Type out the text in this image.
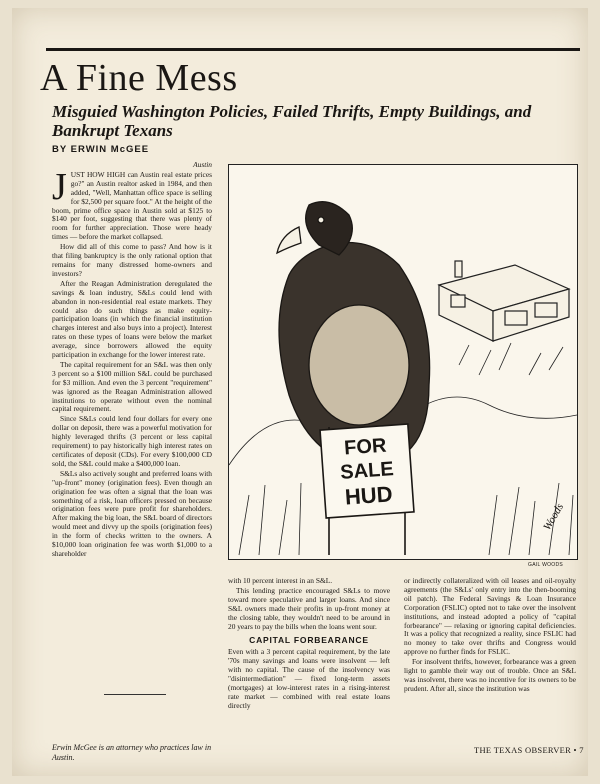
A Fine Mess
Misguied Washington Policies, Failed Thrifts, Empty Buildings, and Bankrupt Texans
BY ERWIN McGEE
Austin
J UST HOW HIGH can Austin real estate prices go?" an Austin realtor asked in 1984, and then added, "Well, Manhattan office space is selling for $2,500 per square foot." At the height of the boom, prime office space in Austin sold at $125 to $140 per foot, suggesting that there was plenty of room for further appreciation. Those were heady times — before the market collapsed.

How did all of this come to pass? And how is it that filing bankruptcy is the only rational option that remains for many distressed home-owners and investors?

After the Reagan Administration deregulated the savings & loan industry, S&Ls could lend with abandon in non-residential real estate markets. They could also do such things as make equity-participation loans (in which the financial institution charges interest and also buys into a project). Interest rates on these types of loans were below the market average, since borrowers allowed the equity participation in exchange for the lower interest rate.

The capital requirement for an S&L was then only 3 percent so a $100 million S&L could be purchased for $3 million. And even the 3 percent "requirement" was ignored as the Reagan Administration allowed institutions to operate without even the nominal capital requirement.

Since S&Ls could lend four dollars for every one dollar on deposit, there was a powerful motivation for highly leveraged thrifts (3 percent or less capital requirement) to pay historically high interest rates on certificates of deposit (CDs). For every $100,000 CD sold, the S&L could make a $400,000 loan.

S&Ls also actively sought and preferred loans with "up-front" money (origination fees). Even though an origination fee was often a signal that the loan was something of a risk, loan officers pressed on because origination fees were pure profit for shareholders. After making the big loan, the S&L board of directors would meet and divvy up the spoils (origination fees) in the form of checks written to the owners. A $10,000 loan origination fee was worth $1,000 to a shareholder

FOR
SALE
HUD
Woods
GAIL WOODS

with 10 percent interest in an S&L.

This lending practice encouraged S&Ls to move toward more speculative and larger loans. And since S&L owners made their profits in up-front money at the closing table, they wouldn't need to be around in 20 years to pay the bills when the loans went sour.

CAPITAL FORBEARANCE

Even with a 3 percent capital requirement, by the late '70s many savings and loans were insolvent — left with no capital. The cause of the insolvency was "disintermediation" — fixed long-term assets (mortgages) at low-interest rates in a rising-interest rate market — combined with real estate loans directly

or indirectly collateralized with oil leases and oil-royalty agreements (the S&Ls' only entry into the then-booming oil patch). The Federal Savings & Loan Insurance Corporation (FSLIC) opted not to take over the insolvent institutions, and instead adopted a policy of "capital forbearance" — relaxing or ignoring capital deficiencies. It was a policy that recognized a reality, since FSLIC had no money to take over thrifts and Congress would approve no further finds for FSLIC.

For insolvent thrifts, however, forbearance was a green light to gamble their way out of trouble. Once an S&L was insolvent, there was no incentive for its owners to be prudent. After all, since the institution was

Erwin McGee is an attorney who practices law in Austin.
THE TEXAS OBSERVER • 7
